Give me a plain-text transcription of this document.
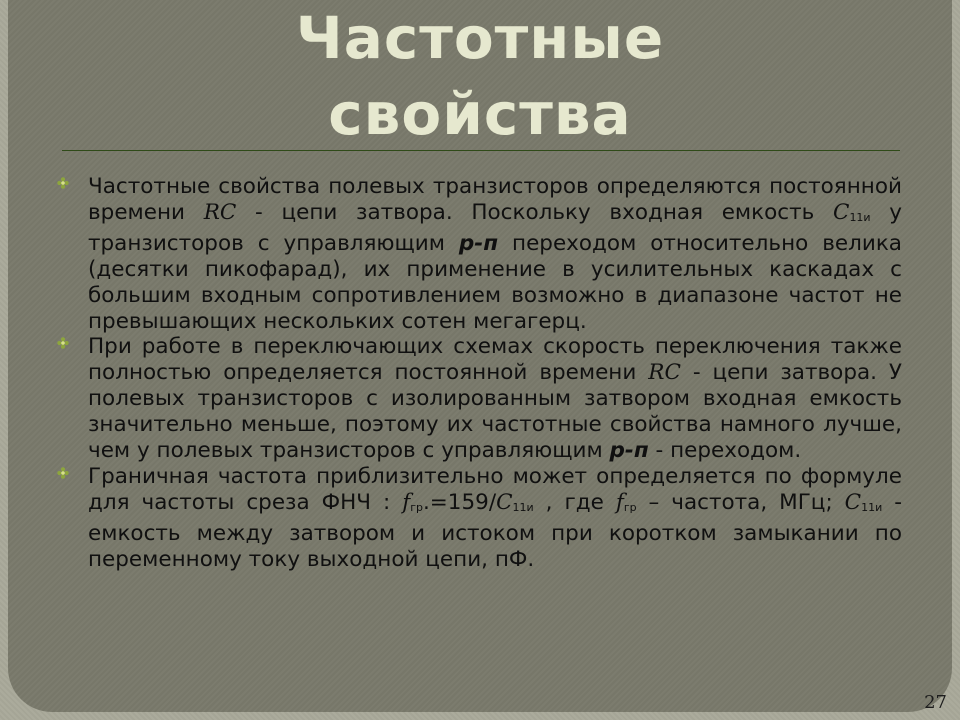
Частотные
свойства

Частотные свойства полевых транзисторов определяются постоянной времени RC - цепи затвора. Поскольку входная емкость С11и у транзисторов с управляющим р-п переходом относительно велика (десятки пикофарад), их применение в усилительных каскадах с большим входным сопротивлением возможно в диапазоне частот не превышающих нескольких сотен мегагерц.

При работе в переключающих схемах скорость переключения также полностью определяется постоянной времени RC - цепи затвора. У полевых транзисторов с изолированным затвором входная емкость значительно меньше, поэтому их частотные свойства намного лучше, чем у полевых транзисторов с управляющим р-п - переходом.

Граничная частота приблизительно может определяется по формуле для частоты среза ФНЧ : fгр.=159/С11и , где fгр – частота, МГц; С11и - емкость между затвором и истоком при коротком замыкании по переменному току выходной цепи, пФ.

27
